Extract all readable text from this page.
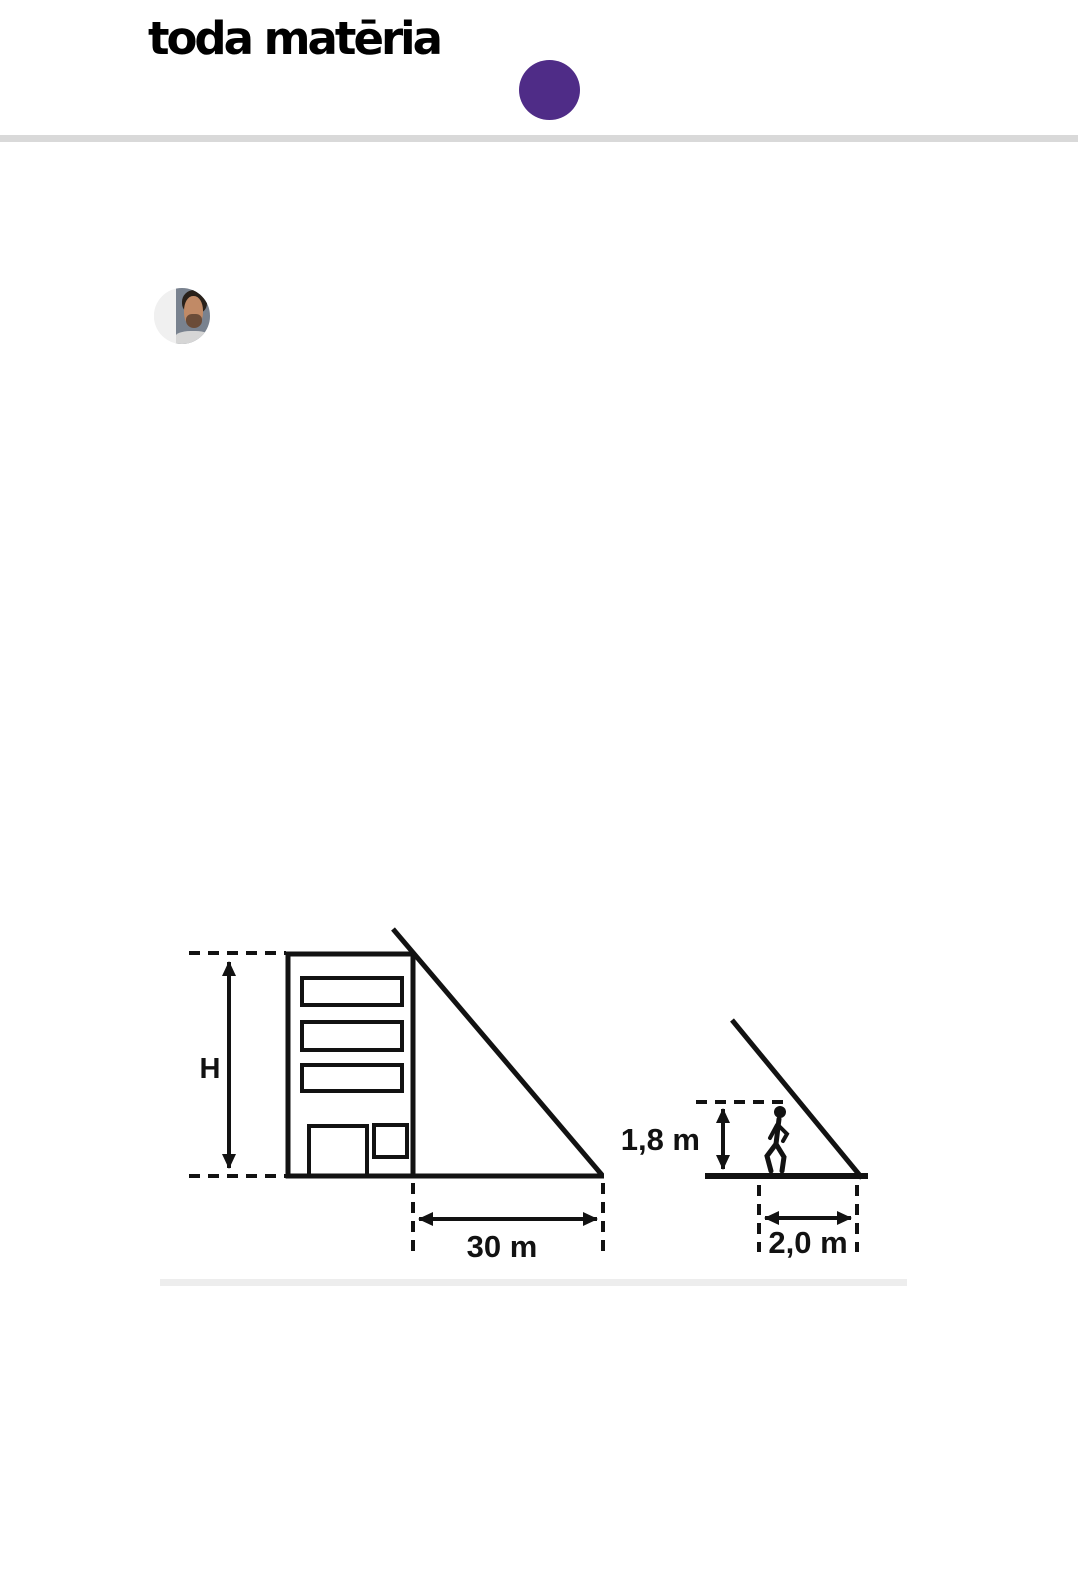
toda matēria
H
30 m
1,8 m
2,0 m
